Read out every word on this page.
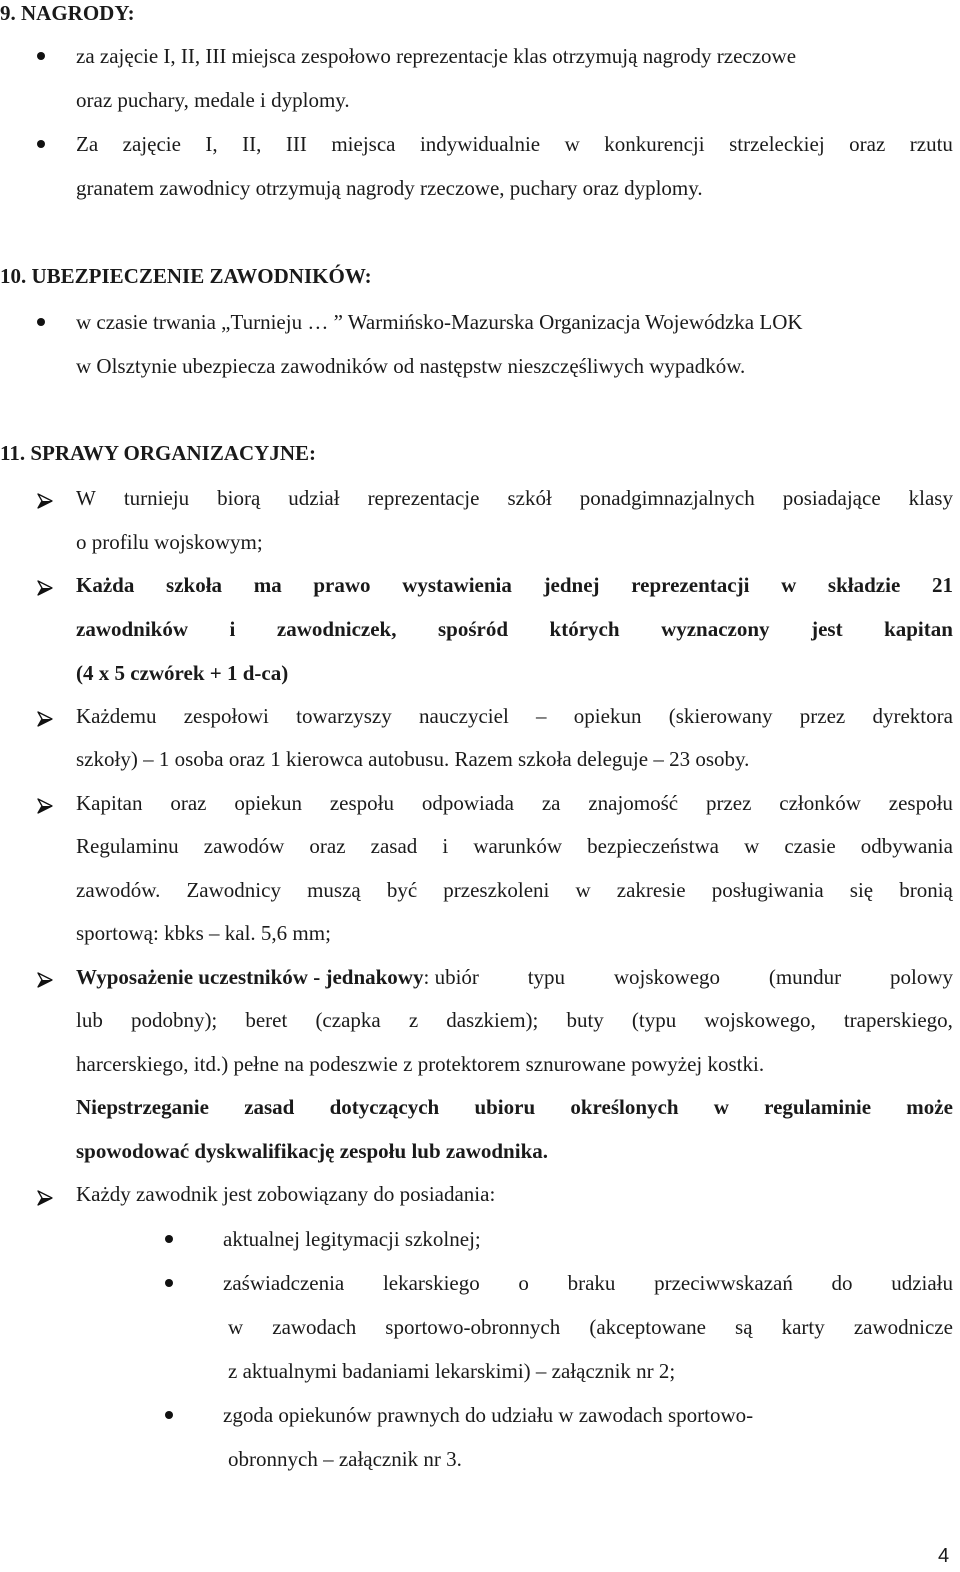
9. NAGRODY:
za zajęcie I, II, III miejsca zespołowo reprezentacje klas otrzymują nagrody rzeczowe
oraz puchary, medale i dyplomy.
Za zajęcie I, II, III miejsca indywidualnie w konkurencji strzeleckiej oraz rzutu
granatem zawodnicy otrzymują nagrody rzeczowe, puchary oraz dyplomy.
10. UBEZPIECZENIE ZAWODNIKÓW:
w czasie trwania „Turnieju … ” Warmińsko-Mazurska Organizacja Wojewódzka LOK
w Olsztynie ubezpiecza zawodników od następstw nieszczęśliwych wypadków.
11. SPRAWY ORGANIZACYJNE:
W turnieju biorą udział reprezentacje szkół ponadgimnazjalnych posiadające klasy
o profilu wojskowym;
Każda szkoła ma prawo wystawienia jednej reprezentacji w składzie 21
zawodników i zawodniczek, spośród których wyznaczony jest kapitan
(4 x 5 czwórek + 1 d-ca)
Każdemu zespołowi towarzyszy nauczyciel – opiekun (skierowany przez dyrektora
szkoły) – 1 osoba oraz 1 kierowca autobusu. Razem szkoła deleguje – 23 osoby.
Kapitan oraz opiekun zespołu odpowiada za znajomość przez członków zespołu
Regulaminu zawodów oraz zasad i warunków bezpieczeństwa w czasie odbywania
zawodów. Zawodnicy muszą być przeszkoleni w zakresie posługiwania się bronią
sportową: kbks – kal. 5,6 mm;
Wyposażenie uczestników - jednakowy : ubiór typu wojskowego (mundur polowy
lub podobny); beret (czapka z daszkiem); buty (typu wojskowego, traperskiego,
harcerskiego, itd.) pełne na podeszwie z protektorem sznurowane powyżej kostki.
Niepstrzeganie zasad dotyczących ubioru określonych w regulaminie może
spowodować dyskwalifikację zespołu lub zawodnika.
Każdy zawodnik jest zobowiązany do posiadania:
aktualnej legitymacji szkolnej;
zaświadczenia lekarskiego o braku przeciwwskazań do udziału
w zawodach sportowo-obronnych (akceptowane są karty zawodnicze
z aktualnymi badaniami lekarskimi) – załącznik nr 2;
zgoda opiekunów prawnych do udziału w zawodach sportowo-
obronnych – załącznik nr 3.
4
